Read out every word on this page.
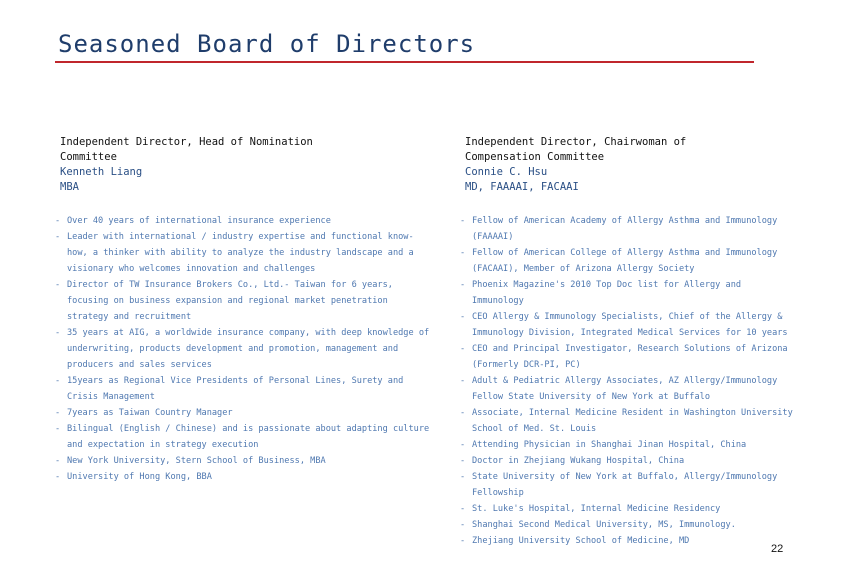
Seasoned Board of Directors
Independent Director, Head of Nomination
Committee
Kenneth Liang
MBA
- Over 40 years of international insurance experience
- Leader with international / industry expertise and functional know-how, a thinker with ability to analyze the industry landscape and a visionary who welcomes innovation and challenges
- Director of TW Insurance Brokers Co., Ltd.- Taiwan for 6 years, focusing on business expansion and regional market penetration strategy and recruitment
- 35 years at AIG, a worldwide insurance company, with deep knowledge of underwriting, products development and promotion, management and producers and sales services
- 15years as Regional Vice Presidents of Personal Lines, Surety and Crisis Management
- 7years as Taiwan Country Manager
- Bilingual (English / Chinese) and is passionate about adapting culture and expectation in strategy execution
- New York University, Stern School of Business, MBA
- University of Hong Kong, BBA
Independent Director, Chairwoman of
Compensation Committee
Connie C. Hsu
MD, FAAAAI, FACAAI
- Fellow of American Academy of Allergy Asthma and Immunology (FAAAAI)
- Fellow of American College of Allergy Asthma and Immunology (FACAAI), Member of Arizona Allergy Society
- Phoenix Magazine's 2010 Top Doc list for Allergy and Immunology
- CEO Allergy & Immunology Specialists, Chief of the Allergy & Immunology Division, Integrated Medical Services for 10 years
- CEO and Principal Investigator, Research Solutions of Arizona (Formerly DCR-PI, PC)
- Adult & Pediatric Allergy Associates, AZ Allergy/Immunology Fellow State University of New York at Buffalo
- Associate, Internal Medicine Resident in Washington University School of Med. St. Louis
- Attending Physician in Shanghai Jinan Hospital, China
- Doctor in Zhejiang Wukang Hospital, China
- State University of New York at Buffalo, Allergy/Immunology Fellowship
- St. Luke's Hospital, Internal Medicine Residency
- Shanghai Second Medical University, MS, Immunology.
- Zhejiang University School of Medicine, MD
22
